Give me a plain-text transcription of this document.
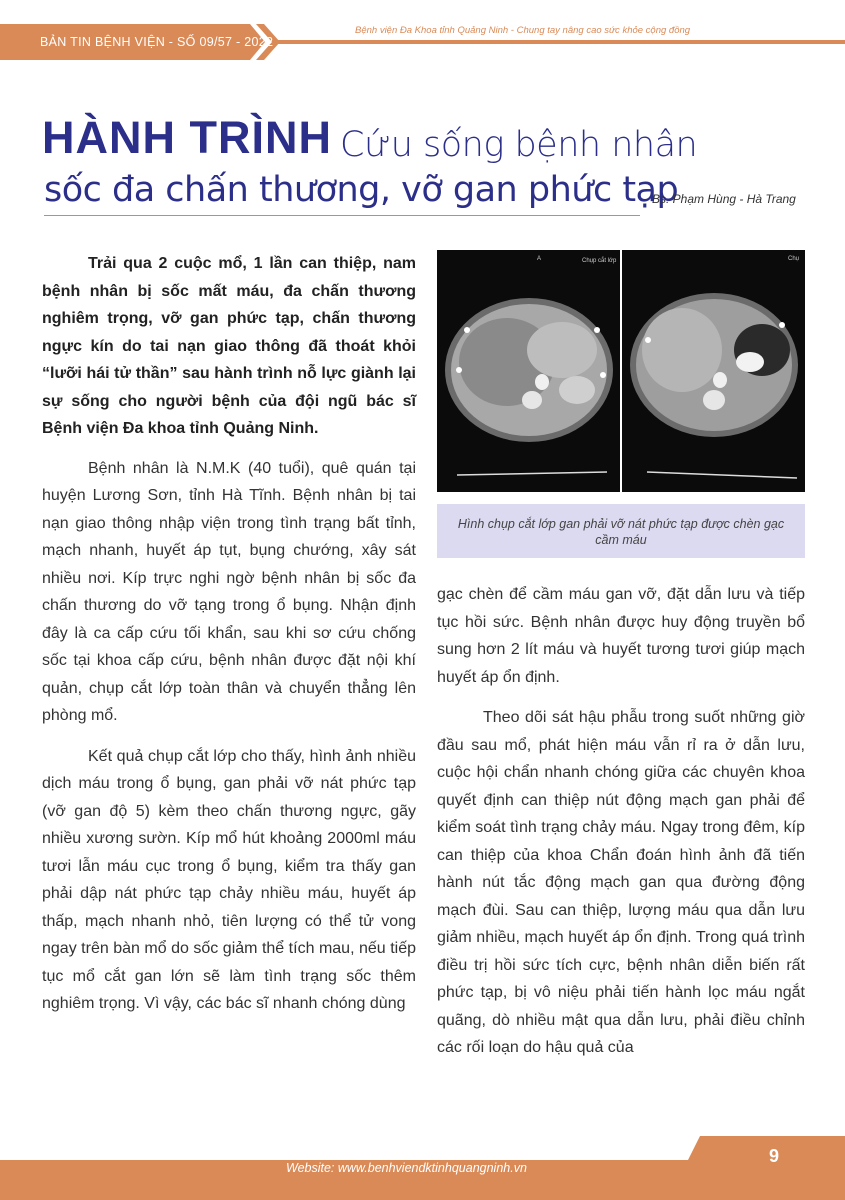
BẢN TIN BỆNH VIỆN - SỐ 09/57 - 2022
Bệnh viện Đa Khoa tỉnh Quảng Ninh - Chung tay nâng cao sức khỏe cộng đồng
HÀNH TRÌNH Cứu sống bệnh nhân
sốc đa chấn thương, vỡ gan phức tạp
Bs. Phạm Hùng - Hà Trang

Trải qua 2 cuộc mổ, 1 lần can thiệp, nam bệnh nhân bị sốc mất máu, đa chấn thương nghiêm trọng, vỡ gan phức tạp, chấn thương ngực kín do tai nạn giao thông đã thoát khỏi “lưỡi hái tử thần” sau hành trình nỗ lực giành lại sự sống cho người bệnh của đội ngũ bác sĩ Bệnh viện Đa khoa tỉnh Quảng Ninh.

Bệnh nhân là N.M.K (40 tuổi), quê quán tại huyện Lương Sơn, tỉnh Hà Tĩnh. Bệnh nhân bị tai nạn giao thông nhập viện trong tình trạng bất tỉnh, mạch nhanh, huyết áp tụt, bụng chướng, xây sát nhiều nơi. Kíp trực nghi ngờ bệnh nhân bị sốc đa chấn thương do vỡ tạng trong ổ bụng. Nhận định đây là ca cấp cứu tối khẩn, sau khi sơ cứu chống sốc tại khoa cấp cứu, bệnh nhân được đặt nội khí quản, chụp cắt lớp toàn thân và chuyển thẳng lên phòng mổ.

Kết quả chụp cắt lớp cho thấy, hình ảnh nhiều dịch máu trong ổ bụng, gan phải vỡ nát phức tạp (vỡ gan độ 5) kèm theo chấn thương ngực, gãy nhiều xương sườn. Kíp mổ hút khoảng 2000ml máu tươi lẫn máu cục trong ổ bụng, kiểm tra thấy gan phải dập nát phức tạp chảy nhiều máu, huyết áp thấp, mạch nhanh nhỏ, tiên lượng có thể tử vong ngay trên bàn mổ do sốc giảm thể tích mau, nếu tiếp tục mổ cắt gan lớn sẽ làm tình trạng sốc thêm nghiêm trọng. Vì vậy, các bác sĩ nhanh chóng dùng

A	Chụp cắt lớp	Chụ
Hình chụp cắt lớp gan phải vỡ nát phức tạp được chèn gạc cầm máu

gạc chèn để cầm máu gan vỡ, đặt dẫn lưu và tiếp tục hồi sức. Bệnh nhân được huy động truyền bổ sung hơn 2 lít máu và huyết tương tươi giúp mạch huyết áp ổn định.

Theo dõi sát hậu phẫu trong suốt những giờ đầu sau mổ, phát hiện máu vẫn rỉ ra ở dẫn lưu, cuộc hội chẩn nhanh chóng giữa các chuyên khoa quyết định can thiệp nút động mạch gan phải để kiểm soát tình trạng chảy máu. Ngay trong đêm, kíp can thiệp của khoa Chẩn đoán hình ảnh đã tiến hành nút tắc động mạch gan qua đường động mạch đùi. Sau can thiệp, lượng máu qua dẫn lưu giảm nhiều, mạch huyết áp ổn định. Trong quá trình điều trị hồi sức tích cực, bệnh nhân diễn biến rất phức tạp, bị vô niệu phải tiến hành lọc máu ngắt quãng, dò nhiều mật qua dẫn lưu, phải điều chỉnh các rối loạn do hậu quả của

Website: www.benhviendktinhquangninh.vn
9
